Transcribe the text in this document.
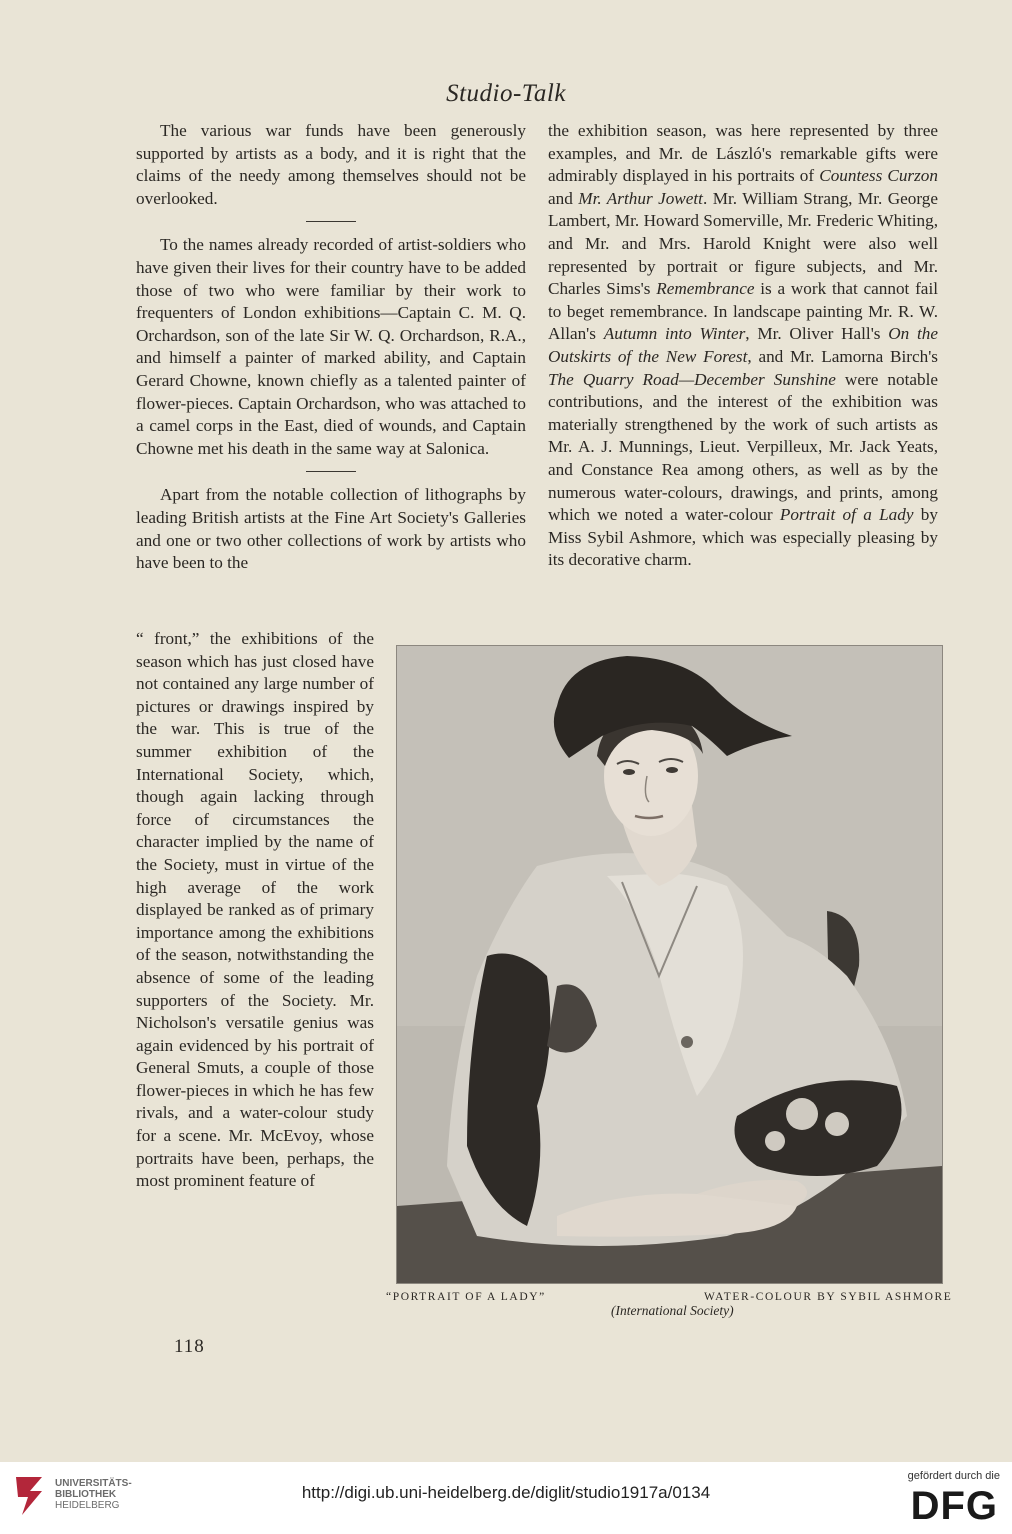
Studio-Talk

The various war funds have been generously supported by artists as a body, and it is right that the claims of the needy among themselves should not be overlooked.

To the names already recorded of artist-soldiers who have given their lives for their country have to be added those of two who were familiar by their work to frequenters of London exhibitions—Captain C. M. Q. Orchardson, son of the late Sir W. Q. Orchardson, R.A., and himself a painter of marked ability, and Captain Gerard Chowne, known chiefly as a talented painter of flower-pieces. Captain Orchardson, who was attached to a camel corps in the East, died of wounds, and Captain Chowne met his death in the same way at Salonica.

Apart from the notable collection of lithographs by leading British artists at the Fine Art Society's Galleries and one or two other collections of work by artists who have been to the

“ front,” the exhibitions of the season which has just closed have not contained any large number of pictures or drawings inspired by the war. This is true of the summer exhibition of the International Society, which, though again lacking through force of circumstances the character implied by the name of the Society, must in virtue of the high average of the work displayed be ranked as of primary importance among the exhibitions of the season, notwithstanding the absence of some of the leading supporters of the Society. Mr. Nicholson's versatile genius was again evidenced by his portrait of General Smuts, a couple of those flower-pieces in which he has few rivals, and a water-colour study for a scene. Mr. McEvoy, whose portraits have been, perhaps, the most prominent feature of

the exhibition season, was here represented by three examples, and Mr. de László's remarkable gifts were admirably displayed in his portraits of Countess Curzon and Mr. Arthur Jowett. Mr. William Strang, Mr. George Lambert, Mr. Howard Somerville, Mr. Frederic Whiting, and Mr. and Mrs. Harold Knight were also well represented by portrait or figure subjects, and Mr. Charles Sims's Remembrance is a work that cannot fail to beget remembrance. In landscape painting Mr. R. W. Allan's Autumn into Winter, Mr. Oliver Hall's On the Outskirts of the New Forest, and Mr. Lamorna Birch's The Quarry Road—December Sunshine were notable contributions, and the interest of the exhibition was materially strengthened by the work of such artists as Mr. A. J. Munnings, Lieut. Verpilleux, Mr. Jack Yeats, and Constance Rea among others, as well as by the numerous water-colours, drawings, and prints, among which we noted a water-colour Portrait of a Lady by Miss Sybil Ashmore, which was especially pleasing by its decorative charm.

“PORTRAIT OF A LADY”	WATER-COLOUR BY SYBIL ASHMORE
(International Society)
118
UNIVERSITÄTS-
BIBLIOTHEK
HEIDELBERG
http://digi.ub.uni-heidelberg.de/diglit/studio1917a/0134
gefördert durch die
DFG
